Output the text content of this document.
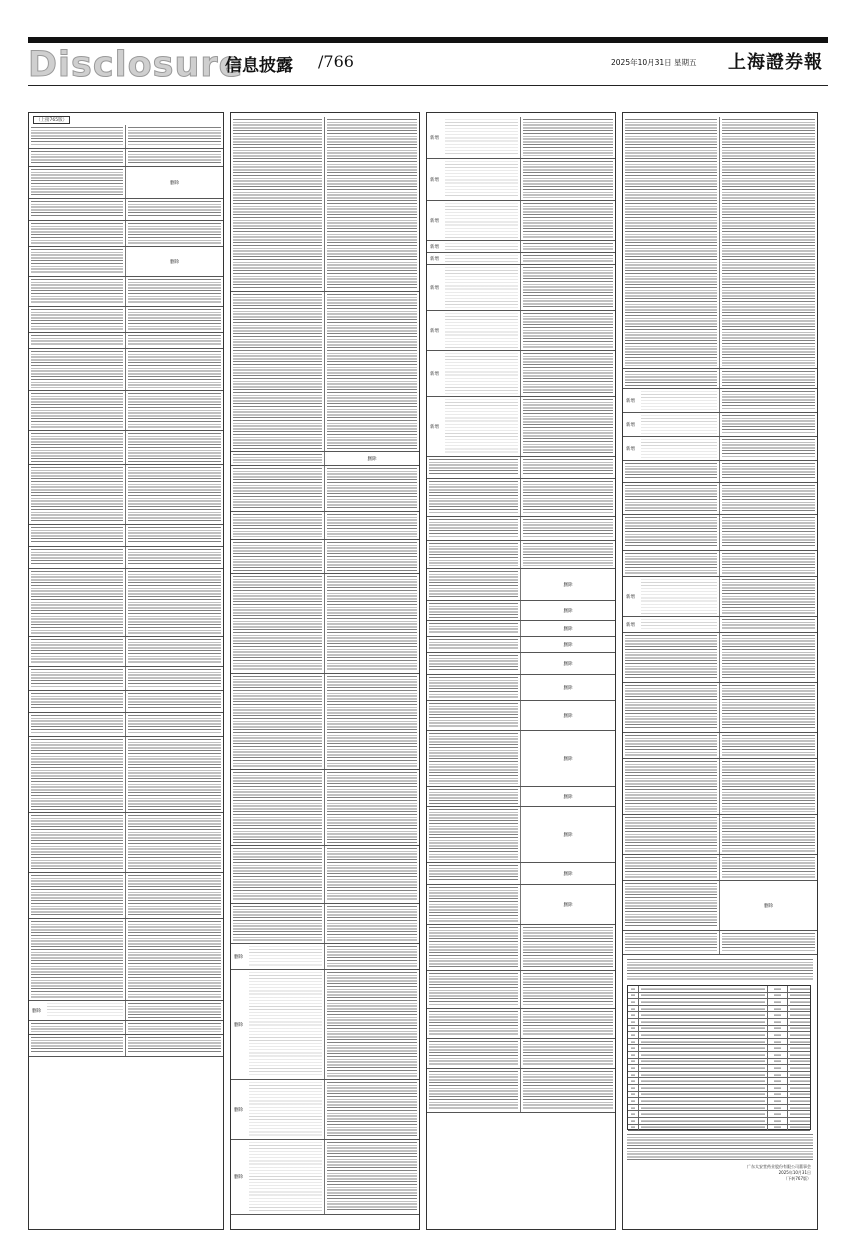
Disclosure
信息披露 /766	2025年10月31日 星期五 上海證券報
（上接765版）
删除
删除
删除
删除
删除
删除
删除
删除
新增
新增
新增
新增
新增
新增
新增
新增
新增
删除
删除
删除
删除
删除
删除
删除
删除
删除
删除
删除
删除
新增
新增
新增
新增
新增
删除
广东太安堂药业股份有限公司董事会
2025年10月31日
（下转767版）
